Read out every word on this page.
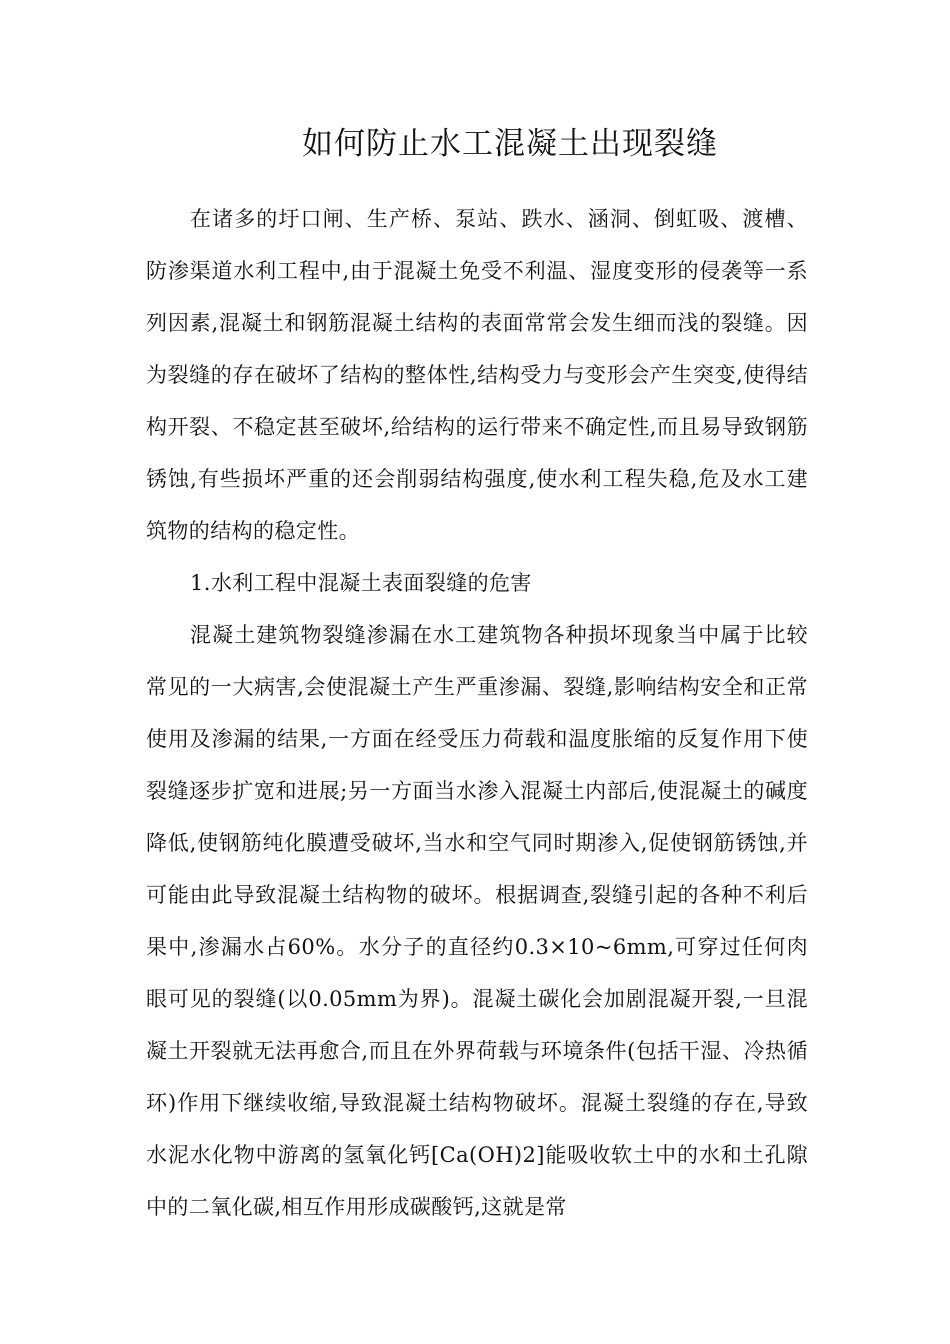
如何防止水工混凝土出现裂缝

在诸多的圩口闸、生产桥、泵站、跌水、涵洞、倒虹吸、渡槽、防渗渠道水利工程中,由于混凝土免受不利温、湿度变形的侵袭等一系列因素,混凝土和钢筋混凝土结构的表面常常会发生细而浅的裂缝。因为裂缝的存在破坏了结构的整体性,结构受力与变形会产生突变,使得结构开裂、不稳定甚至破坏,给结构的运行带来不确定性,而且易导致钢筋锈蚀,有些损坏严重的还会削弱结构强度,使水利工程失稳,危及水工建筑物的结构的稳定性。

1.水利工程中混凝土表面裂缝的危害

混凝土建筑物裂缝渗漏在水工建筑物各种损坏现象当中属于比较常见的一大病害,会使混凝土产生严重渗漏、裂缝,影响结构安全和正常使用及渗漏的结果,一方面在经受压力荷载和温度胀缩的反复作用下使裂缝逐步扩宽和进展;另一方面当水渗入混凝土内部后,使混凝土的碱度降低,使钢筋纯化膜遭受破坏,当水和空气同时期渗入,促使钢筋锈蚀,并可能由此导致混凝土结构物的破坏。根据调查,裂缝引起的各种不利后果中,渗漏水占60%。水分子的直径约0.3×10~6mm,可穿过任何肉眼可见的裂缝(以0.05mm为界)。混凝土碳化会加剧混凝开裂,一旦混凝土开裂就无法再愈合,而且在外界荷载与环境条件(包括干湿、冷热循环)作用下继续收缩,导致混凝土结构物破坏。混凝土裂缝的存在,导致水泥水化物中游离的氢氧化钙[Ca(OH)2]能吸收软土中的水和土孔隙中的二氧化碳,相互作用形成碳酸钙,这就是常
